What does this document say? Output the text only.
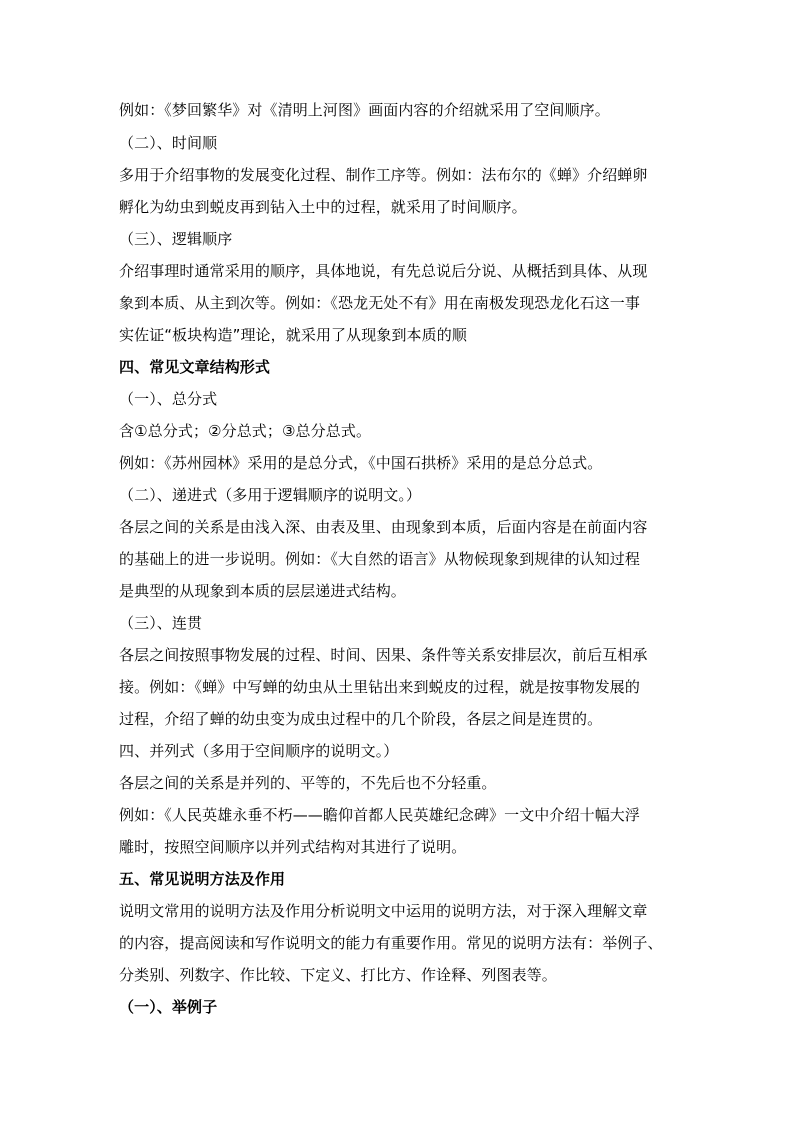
例如：《梦回繁华》对《清明上河图》画面内容的介绍就采用了空间顺序。
（二）、时间顺
多用于介绍事物的发展变化过程、制作工序等。例如：法布尔的《蝉》介绍蝉卵
孵化为幼虫到蜕皮再到钻入土中的过程，就采用了时间顺序。
（三）、逻辑顺序
介绍事理时通常采用的顺序，具体地说，有先总说后分说、从概括到具体、从现
象到本质、从主到次等。例如：《恐龙无处不有》用在南极发现恐龙化石这一事
实佐证“板块构造”理论，就采用了从现象到本质的顺
四、常见文章结构形式
（一）、总分式
含①总分式；②分总式；③总分总式。
例如：《苏州园林》采用的是总分式，《中国石拱桥》采用的是总分总式。
（二）、递进式（多用于逻辑顺序的说明文。）
各层之间的关系是由浅入深、由表及里、由现象到本质，后面内容是在前面内容
的基础上的进一步说明。例如：《大自然的语言》从物候现象到规律的认知过程
是典型的从现象到本质的层层递进式结构。
（三）、连贯
各层之间按照事物发展的过程、时间、因果、条件等关系安排层次，前后互相承
接。例如：《蝉》中写蝉的幼虫从土里钻出来到蜕皮的过程，就是按事物发展的
过程，介绍了蝉的幼虫变为成虫过程中的几个阶段，各层之间是连贯的。
四、并列式（多用于空间顺序的说明文。）
各层之间的关系是并列的、平等的，不先后也不分轻重。
例如：《人民英雄永垂不朽——瞻仰首都人民英雄纪念碑》一文中介绍十幅大浮
雕时，按照空间顺序以并列式结构对其进行了说明。
五、常见说明方法及作用
说明文常用的说明方法及作用分析说明文中运用的说明方法，对于深入理解文章
的内容，提高阅读和写作说明文的能力有重要作用。常见的说明方法有：举例子、
分类别、列数字、作比较、下定义、打比方、作诠释、列图表等。
（一）、举例子
